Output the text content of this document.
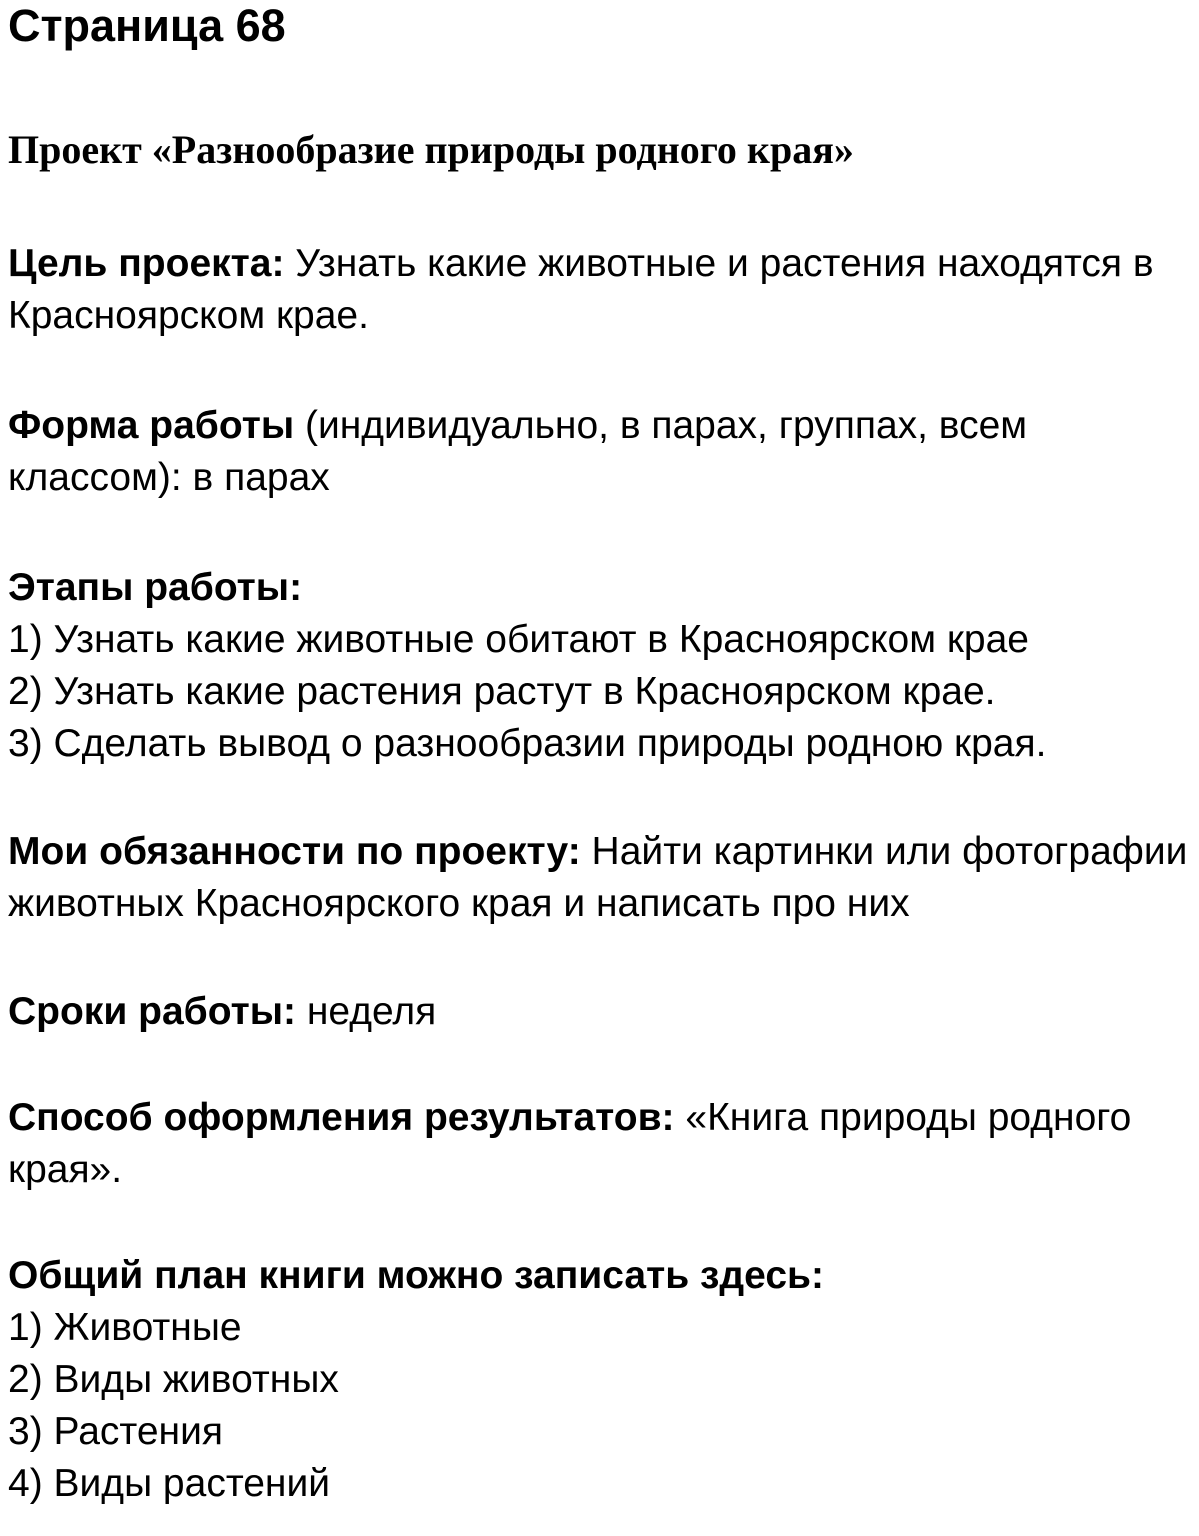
Страница 68
Проект «Разнообразие природы родного края»

Цель проекта: Узнать какие животные и растения находятся в Красноярском крае.

Форма работы (индивидуально, в парах, группах, всем классом): в парах

Этапы работы:
1) Узнать какие животные обитают в Красноярском крае
2) Узнать какие растения растут в Красноярском крае.
3) Сделать вывод о разнообразии природы родною края.

Мои обязанности по проекту: Найти картинки или фотографии животных Красноярского края и написать про них

Сроки работы: неделя

Способ оформления результатов: «Книга природы родного края».

Общий план книги можно записать здесь:
1) Животные
2) Виды животных
3) Растения
4) Виды растений
